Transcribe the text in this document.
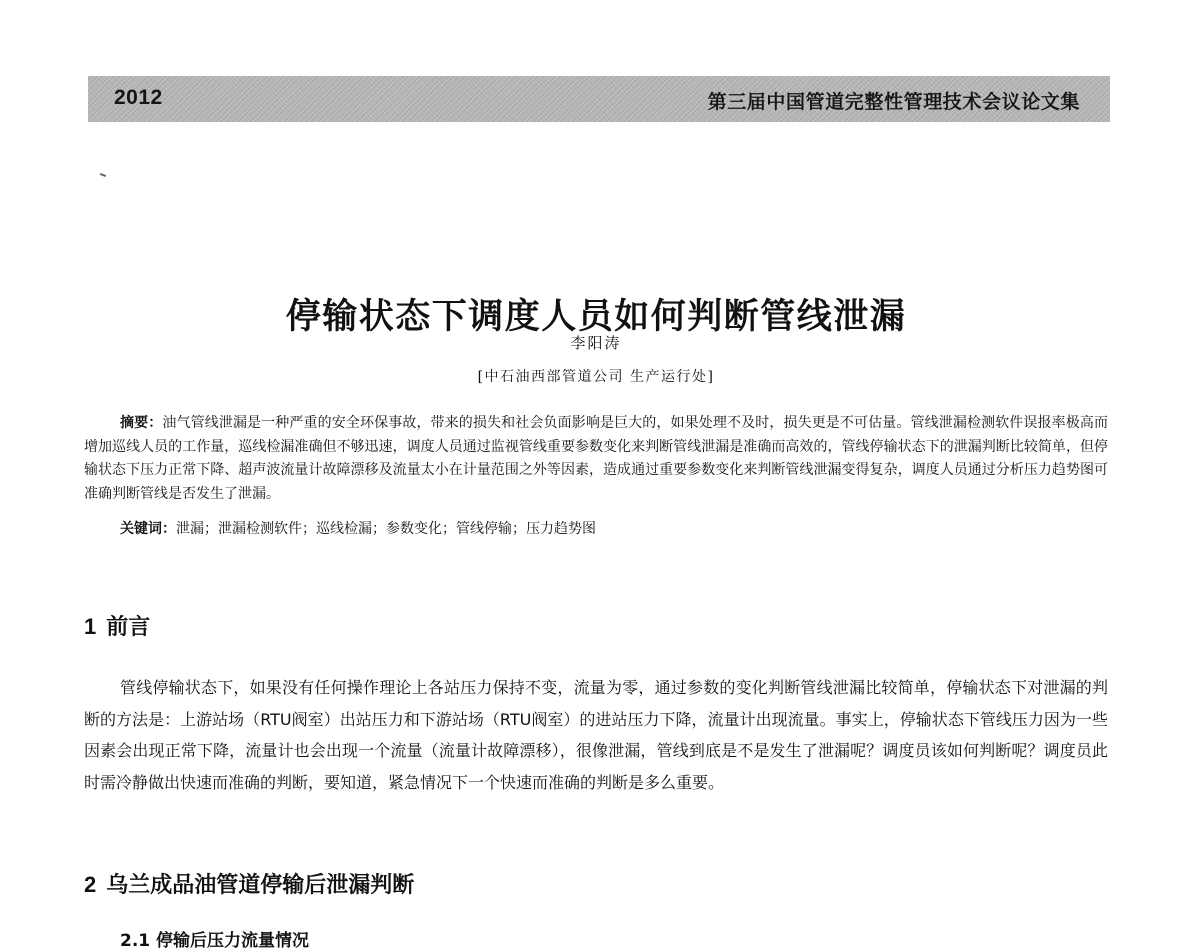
2012	第三届中国管道完整性管理技术会议论文集
停输状态下调度人员如何判断管线泄漏
李阳涛
[中石油西部管道公司 生产运行处]

摘要：油气管线泄漏是一种严重的安全环保事故，带来的损失和社会负面影响是巨大的，如果处理不及时，损失更是不可估量。管线泄漏检测软件误报率极高而增加巡线人员的工作量，巡线检漏准确但不够迅速，调度人员通过监视管线重要参数变化来判断管线泄漏是准确而高效的，管线停输状态下的泄漏判断比较简单，但停输状态下压力正常下降、超声波流量计故障漂移及流量太小在计量范围之外等因素，造成通过重要参数变化来判断管线泄漏变得复杂，调度人员通过分析压力趋势图可准确判断管线是否发生了泄漏。

关键词：泄漏；泄漏检测软件；巡线检漏；参数变化；管线停输；压力趋势图

1 前言

管线停输状态下，如果没有任何操作理论上各站压力保持不变，流量为零，通过参数的变化判断管线泄漏比较简单，停输状态下对泄漏的判断的方法是：上游站场（RTU阀室）出站压力和下游站场（RTU阀室）的进站压力下降，流量计出现流量。事实上，停输状态下管线压力因为一些因素会出现正常下降，流量计也会出现一个流量（流量计故障漂移），很像泄漏，管线到底是不是发生了泄漏呢？调度员该如何判断呢？调度员此时需冷静做出快速而准确的判断，要知道，紧急情况下一个快速而准确的判断是多么重要。

2 乌兰成品油管道停输后泄漏判断
2.1 停输后压力流量情况
